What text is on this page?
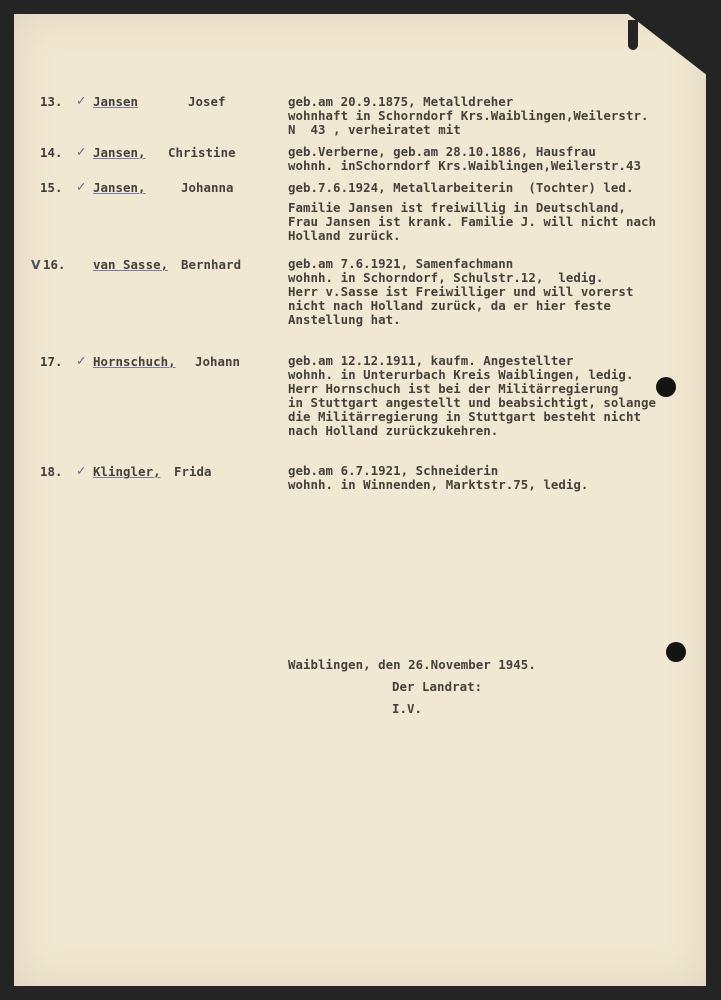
13. ✓ Jansen	Josef	geb.am 20.9.1875, Metalldreher
wohnhaft in Schorndorf Krs.Waiblingen,Weilerstr.
N  43 , verheiratet mit
14. ✓ Jansen, Christine	geb.Verberne, geb.am 28.10.1886, Hausfrau
wohnh. inSchorndorf Krs.Waiblingen,Weilerstr.43
15. ✓ Jansen,	Johanna	geb.7.6.1924, Metallarbeiterin  (Tochter) led.
Familie Jansen ist freiwillig in Deutschland,
Frau Jansen ist krank. Familie J. will nicht nach
Holland zurück.
V 16. van Sasse, Bernhard	geb.am 7.6.1921, Samenfachmann
wohnh. in Schorndorf, Schulstr.12,  ledig.
Herr v.Sasse ist Freiwilliger und will vorerst
nicht nach Holland zurück, da er hier feste
Anstellung hat.
17. ✓ Hornschuch, Johann	geb.am 12.12.1911, kaufm. Angestellter
wohnh. in Unterurbach Kreis Waiblingen, ledig.
Herr Hornschuch ist bei der Militärregierung
in Stuttgart angestellt und beabsichtigt, solange
die Militärregierung in Stuttgart besteht nicht
nach Holland zurückzukehren.
18. ✓ Klingler, Frida	geb.am 6.7.1921, Schneiderin
wohnh. in Winnenden, Marktstr.75, ledig.
Waiblingen, den 26.November 1945.
Der Landrat:
I.V.
